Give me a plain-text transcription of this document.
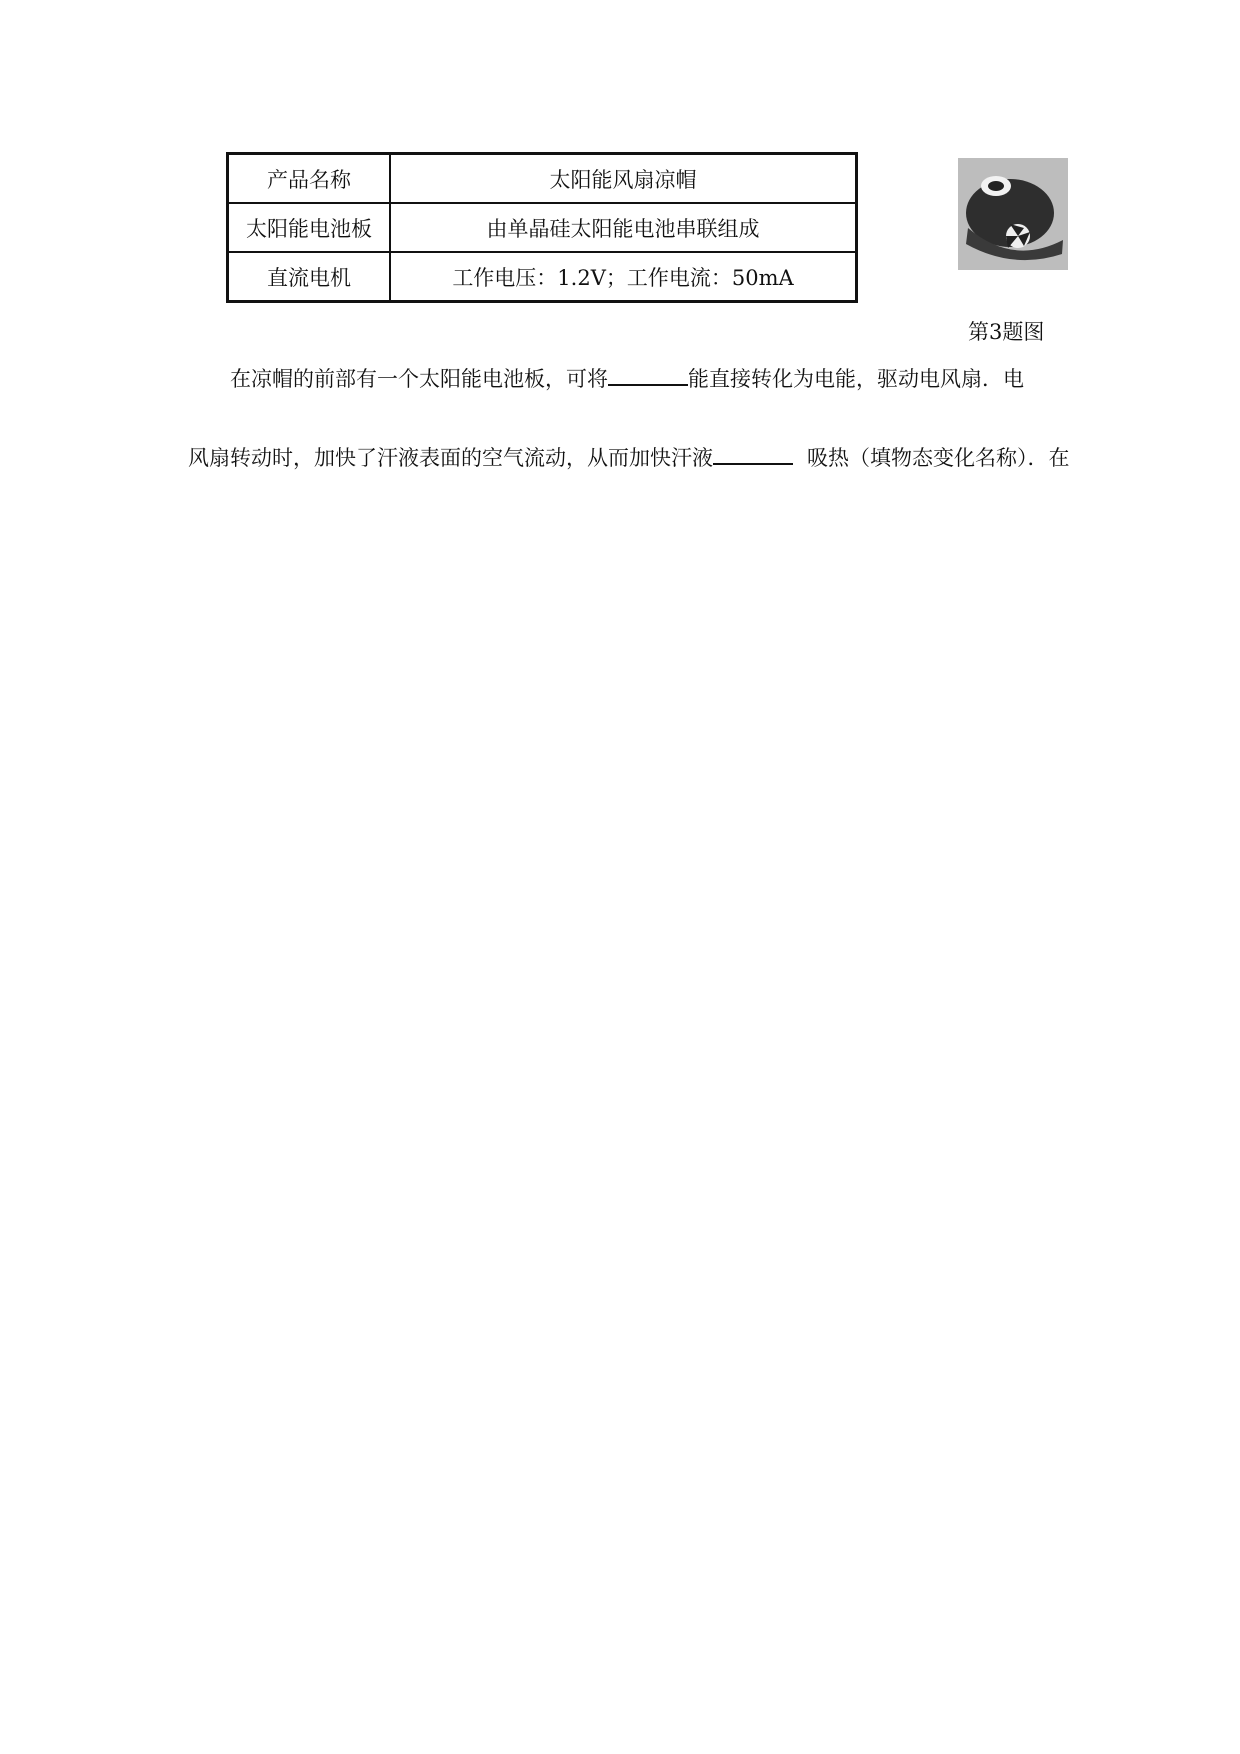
产品名称	太阳能风扇凉帽
太阳能电池板	由单晶硅太阳能电池串联组成
直流电机	工作电压：1.2V；工作电流：50mA
第3题图
在凉帽的前部有一个太阳能电池板，可将	能直接转化为电能，驱动电风扇．电
风扇转动时，加快了汗液表面的空气流动，从而加快汗液	吸热（填物态变化名称）．在
